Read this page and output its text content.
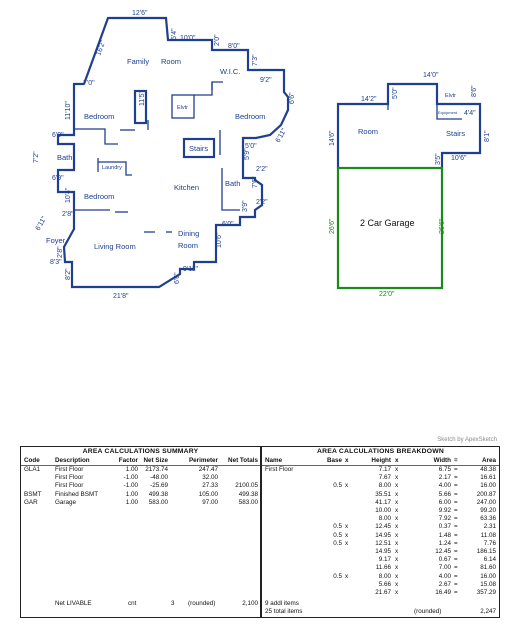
Family Room
W.I.C.
Bedroom
Elvtr
Bedroom
Stairs
Bath
Laundry
Kitchen	Bath
Bedroom
Dining
Room
Foyer
Living Room
12'6"
16'2"
5'4" 10'0"	2'0"
8'0"
7'3"
9'2"
6'6"
6'11"
7'0"
11'10"
11'5"
6'9"
7'2"
6'9"
10'4"
2'8"
5'0"
5'9"
2'2"
7'6"
3'9" 2'2"
6'0"
6'11"
2'8"
10'6"
8'3"
8'2"	9'11"
6'6"
21'8"
Room
Elvtr
Equipment
Stairs
14'0"
14'2"
5'0"	8'6"
4'4"
14'6"	8'1"
10'6"
3'5"
2 Car Garage
26'6"	26'6"
22'0"
Sketch by ApexSketch
AREA CALCULATIONS SUMMARY
Code Description	Factor Net Size	Perimeter Net Totals
GLA1 First Floor	1.00 2173.74	247.47
First Floor	-1.00 -48.00	32.00
First Floor	-1.00 -25.69	27.33	2100.05
BSMT Finished BSMT	1.00 499.38	105.00	499.38
GAR	Garage	1.00 583.00	97.00	583.00
Net LIVABLE	cnt	3 (rounded)	2,100
AREA CALCULATIONS BREAKDOWN
Name	Base x	Height x	Width =	Area
First Floor	7.17 x	6.75 =	48.38
7.67 x	2.17 =	16.61
0.5 x	8.00 x	4.00 =	16.00
35.51 x	5.66 =	200.87
41.17 x	6.00 =	247.00
10.00 x	9.92 =	99.20
8.00 x	7.92 =	63.36
0.5 x	12.45 x	0.37 =	2.31
0.5 x	14.95 x	1.48 =	11.08
0.5 x	12.51 x	1.24 =	7.76
14.95 x	12.45 =	186.15
9.17 x	0.67 =	6.14
11.66 x	7.00 =	81.60
0.5 x	8.00 x	4.00 =	16.00
5.66 x	2.67 =	15.08
21.67 x	16.49 =	357.29
9 addl items
25 total items	(rounded)	2,247
